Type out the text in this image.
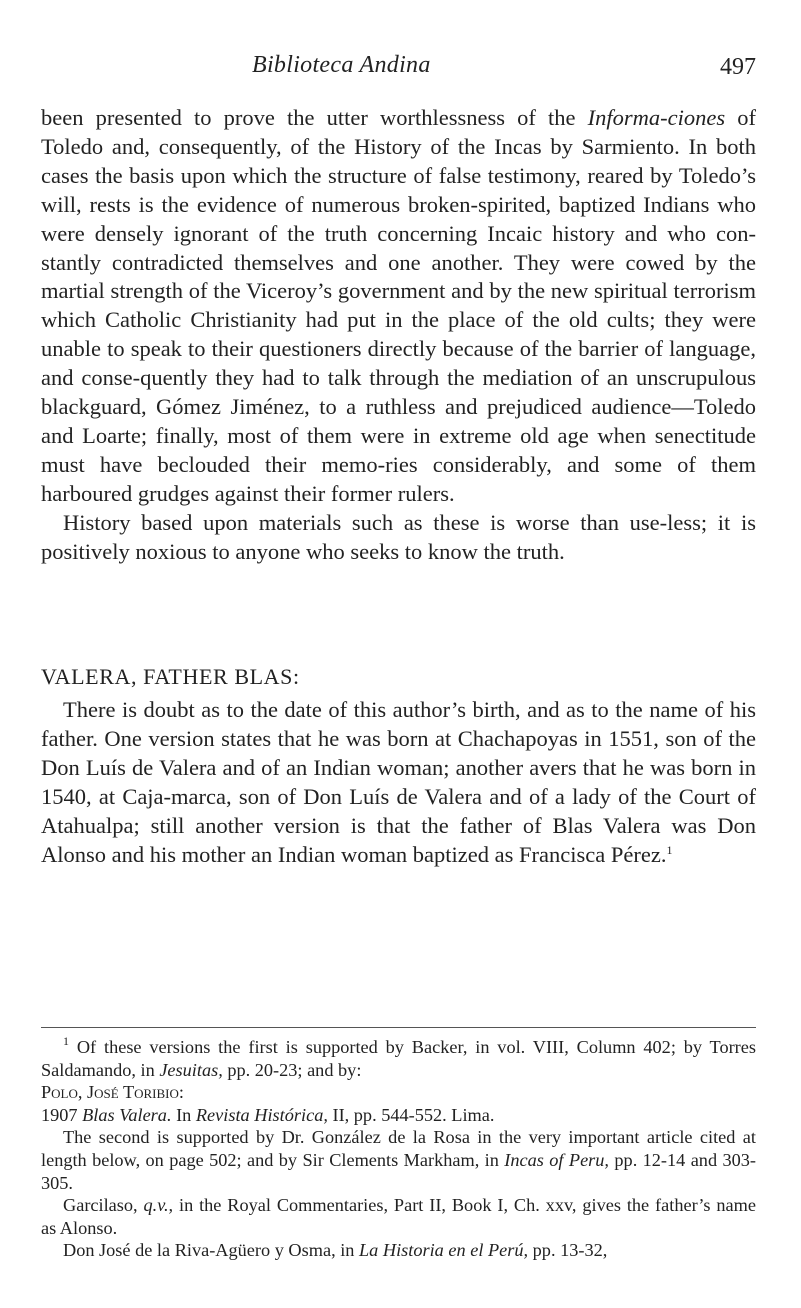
Biblioteca Andina	497

been presented to prove the utter worthlessness of the Informa-ciones of Toledo and, consequently, of the History of the Incas by Sarmiento. In both cases the basis upon which the structure of false testimony, reared by Toledo’s will, rests is the evidence of numerous broken-spirited, baptized Indians who were densely ignorant of the truth concerning Incaic history and who con-stantly contradicted themselves and one another. They were cowed by the martial strength of the Viceroy’s government and by the new spiritual terrorism which Catholic Christianity had put in the place of the old cults; they were unable to speak to their questioners directly because of the barrier of language, and conse-quently they had to talk through the mediation of an unscrupulous blackguard, Gómez Jiménez, to a ruthless and prejudiced audience—Toledo and Loarte; finally, most of them were in extreme old age when senectitude must have beclouded their memo-ries considerably, and some of them harboured grudges against their former rulers.

History based upon materials such as these is worse than use-less; it is positively noxious to anyone who seeks to know the truth.

VALERA, FATHER BLAS:

There is doubt as to the date of this author’s birth, and as to the name of his father. One version states that he was born at Chachapoyas in 1551, son of the Don Luís de Valera and of an Indian woman; another avers that he was born in 1540, at Caja-marca, son of Don Luís de Valera and of a lady of the Court of Atahualpa; still another version is that the father of Blas Valera was Don Alonso and his mother an Indian woman baptized as Francisca Pérez.$^1$

$^1$ Of these versions the first is supported by Backer, in vol. VIII, Column 402; by Torres Saldamando, in Jesuitas, pp. 20-23; and by:

Polo, José Toribio:

1907 Blas Valera. In Revista Histórica, II, pp. 544-552. Lima.

The second is supported by Dr. González de la Rosa in the very important article cited at length below, on page 502; and by Sir Clements Markham, in Incas of Peru, pp. 12-14 and 303-305.

Garcilaso, q.v., in the Royal Commentaries, Part II, Book I, Ch. xxv, gives the father’s name as Alonso.

Don José de la Riva-Agüero y Osma, in La Historia en el Perú, pp. 13-32,
